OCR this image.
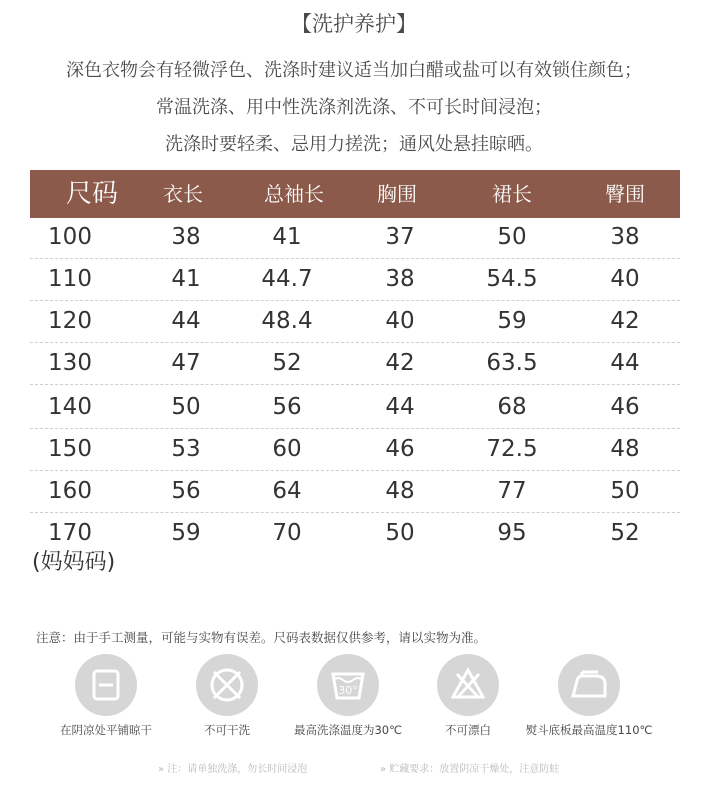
【洗护养护】
深色衣物会有轻微浮色、洗涤时建议适当加白醋或盐可以有效锁住颜色；
常温洗涤、用中性洗涤剂洗涤、不可长时间浸泡；
洗涤时要轻柔、忌用力搓洗；通风处悬挂晾晒。
尺码	衣长	总袖长	胸围	裙长	臀围
100	38	41	37	50	38
110	41	44.7	38	54.5	40
120	44	48.4	40	59	42
130	47	52	42	63.5	44
140	50	56	44	68	46
150	53	60	46	72.5	48
160	56	64	48	77	50
170	59	70	50	95	52
(妈妈码)
注意：由于手工测量，可能与实物有误差。尺码表数据仅供参考，请以实物为准。
30°
在阴凉处平铺晾干	不可干洗	最高洗涤温度为30℃	不可漂白	熨斗底板最高温度110℃
» 注：请单独洗涤，勿长时间浸泡	» 贮藏要求：放置阴凉干燥处，注意防蛀
